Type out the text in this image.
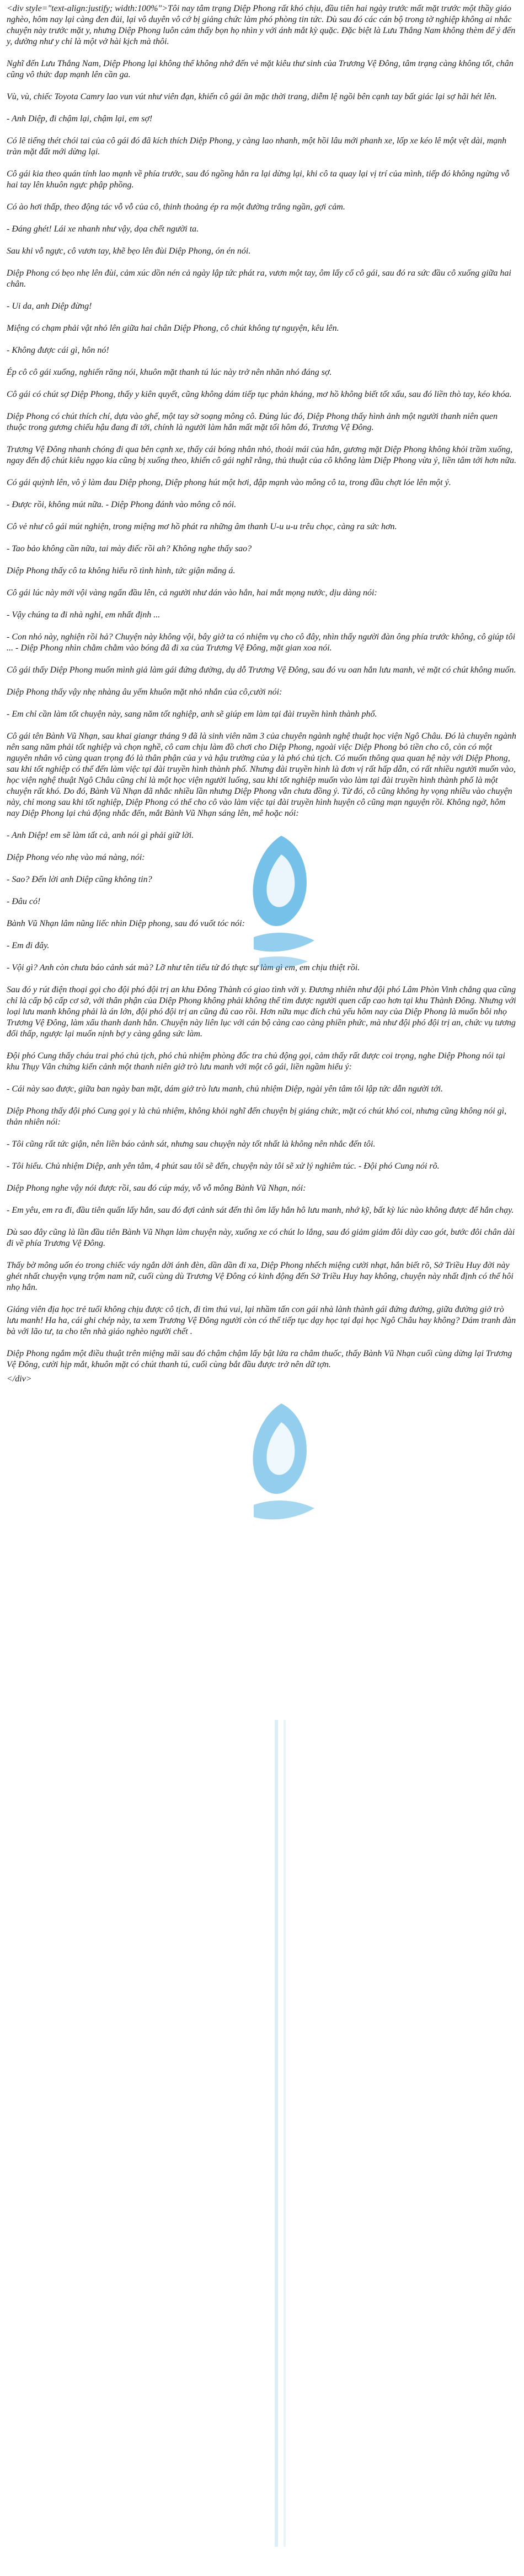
<div style="text-align:justify; width:100%">Tôi nay tâm trạng Diệp Phong rất khó chịu, đầu tiên hai ngày trước mất mặt trước một thầy giáo nghèo, hôm nay lại càng đen đủi, lại vô duyên vô cớ bị giảng chức làm phó phòng tin tức. Dù sau đó các cán bộ trong tờ nghiệp không ai nhắc chuyện này trước mặt y, nhưng Diệp Phong luôn cảm thấy bọn họ nhìn y với ánh mắt kỳ quặc. Đặc biệt là Lưu Thắng Nam không thèm để ý đến y, dường như y chỉ là một vở hài kịch mà thôi.

Nghĩ đến Lưu Thắng Nam, Diệp Phong lại không thể không nhớ đến vẻ mặt kiêu thư sinh của Trương Vệ Đông, tâm trạng càng không tốt, chân cũng vô thức đạp mạnh lên cần ga.

Vù, vù, chiếc Toyota Camry lao vun vút như viên đạn, khiến cô gái ăn mặc thời trang, diễm lệ ngồi bên cạnh tay bất giác lại sợ hãi hét lên.

- Anh Diệp, đi chậm lại, chậm lại, em sợ!

Có lẽ tiếng thét chói tai của cô gái đó đã kích thích Diệp Phong, y càng lao nhanh, một hồi lâu mới phanh xe, lốp xe kéo lê một vệt dài, mạnh tràn mặt đất mới dừng lại.

Cô gái kia theo quán tính lao mạnh về phía trước, sau đó ngồng hẳn ra lại dừng lại, khi cô ta quay lại vị trí của mình, tiếp đó không ngừng vỗ hai tay lên khuôn ngực phập phồng.

Có ào hơi thấp, theo động tác vỗ vỗ của cô, thinh thoảng ép ra một đường trắng ngần, gợi cảm.

- Đáng ghét! Lái xe nhanh như vậy, dọa chết người ta.

Sau khi vỗ ngực, cô vươn tay, khẽ bẹo lên đùi Diệp Phong, ón én nói.

Diệp Phong có bẹo nhẹ lên đùi, cảm xúc dồn nén cả ngày lập tức phát ra, vươn một tay, ôm lấy cổ cô gái, sau đó ra sức đầu cô xuống giữa hai chân.

- Ui da, anh Diệp đừng!

Miệng có chạm phải vật nhỏ lên giữa hai chân Diệp Phong, cô chút không tự nguyện, kêu lên.

- Không được cái gì, hôn nó!

Ép cô cô gái xuống, nghiến răng nói, khuôn mặt thanh tú lúc này trở nên nhăn nhó đáng sợ.

Cô gái có chút sợ Diệp Phong, thấy y kiên quyết, cũng không dám tiếp tục phản kháng, mơ hồ không biết tốt xấu, sau đó liền thò tay, kéo khóa.

Diệp Phong có chút thích chí, dựa vào ghế, một tay sờ soạng mông cô. Đúng lúc đó, Diệp Phong thấy hình ảnh một người thanh niên quen thuộc trong gương chiếu hậu đang đi tới, chính là người làm hắn mất mặt tối hôm đó, Trương Vệ Đông.

Trương Vệ Đông nhanh chóng đi qua bên cạnh xe, thấy cái bóng nhân nhỏ, thoải mái của hắn, gương mặt Diệp Phong không khỏi trầm xuống, ngay đến độ chút kiêu ngạo kia cũng bị xuống theo, khiến cô gái nghĩ rằng, thủ thuật của cô không làm Diệp Phong vừa ý, liền tâm tới hơn nữa.

Có gái quỳnh lên, vô ý làm đau Diệp phong, Diệp phong hút một hơi, đập mạnh vào mông cô ta, trong đầu chợt lóe lên một ý.

- Được rồi, không mút nữa. - Diệp Phong đánh vào mông cô nói.

Cô vẻ như cô gái mút nghiện, trong miệng mơ hồ phát ra những âm thanh U-u u-u trêu chọc, càng ra sức hơn.

- Tao bảo không cần nữa, tai mày điếc rồi ah? Không nghe thấy sao?

Diệp Phong thấy cô ta không hiểu rõ tình hình, tức giận mắng á.

Cô gái lúc này mới vội vàng ngẩn đầu lên, cả người như dán vào hắn, hai mắt mọng nước, dịu dàng nói:

- Vậy chúng ta đi nhà nghỉ, em nhất định ...

- Con nhỏ này, nghiện rồi hả? Chuyện này không vội, bây giờ ta có nhiệm vụ cho cô đây, nhìn thấy người đàn ông phía trước không, cô giúp tôi ... - Diệp Phong nhìn chằm chằm vào bóng đã đi xa của Trương Vệ Đông, mặt gian xoa nói.

Cô gái thấy Diệp Phong muốn mình giả làm gái đứng đường, dụ dỗ Trương Vệ Đông, sau đó vu oan hắn lưu manh, vẻ mặt có chút không muốn.

Diệp Phong thấy vậy nhẹ nhàng âu yếm khuôn mặt nhỏ nhắn của cô,cười nói:

- Em chỉ cần làm tốt chuyện này, sang năm tốt nghiệp, anh sẽ giúp em làm tại đài truyền hình thành phố.

Cô gái tên Bành Vũ Nhạn, sau khai giangr tháng 9 đã là sinh viên năm 3 của chuyên ngành nghệ thuật học viện Ngô Châu. Đó là chuyên ngành nên sang năm phải tốt nghiệp và chọn nghề, cô cam chịu làm đồ chơi cho Diệp Phong, ngoài việc Diệp Phong bỏ tiền cho cô, còn có một nguyên nhân vô cùng quan trọng đó là thân phận của y và hậu trường của y là phó chủ tịch. Có muốn thông qua quan hệ này với Diệp Phong, sau khi tốt nghiệp có thể đến làm việc tại đài truyền hình thành phố. Nhưng đài truyền hình là đơn vị rất hấp dẫn, có rất nhiều người muốn vào, học viện nghệ thuật Ngô Châu cũng chỉ là một học viện người luống, sau khi tốt nghiệp muốn vào làm tại đài truyền hình thành phố là một chuyện rất khó. Do đó, Bành Vũ Nhạn đã nhắc nhiều lần nhưng Diệp Phong vẫn chưa đồng ý. Từ đó, cô cũng không hy vọng nhiều vào chuyện này, chỉ mong sau khi tốt nghiệp, Diệp Phong có thể cho cô vào làm việc tại đài truyền hình huyện cô cũng mạn nguyện rồi. Không ngờ, hôm nay Diệp Phong lại chủ động nhắc đến, mắt Bành Vũ Nhạn sáng lên, mê hoặc nói:

- Anh Diệp! em sẽ làm tất cả, anh nói gì phải giữ lời.

Diệp Phong véo nhẹ vào má nàng, nói:

- Sao? Đến lời anh Diệp cũng không tin?

- Đâu có!

Bành Vũ Nhạn lâm nũng liếc nhìn Diệp phong, sau đó vuốt tóc nói:

- Em đi đây.

- Vội gì? Anh còn chưa báo cảnh sát mà? Lỡ như tên tiểu tử đó thực sự làm gì em, em chịu thiệt rồi.

Sau đó y rút điện thoại gọi cho đội phó đội trị an khu Đông Thành có giao tình với y. Đương nhiên như đội phó Lâm Phòn Vinh chẳng qua cũng chỉ là cấp bộ cấp cơ sở, với thân phận của Diệp Phong không phải không thể tìm được người quen cấp cao hơn tại khu Thành Đông. Nhưng với loại lưu manh không phải là án lớn, đội phó đội trị an cũng đủ cao rồi. Hơn nữa mục đích chủ yếu hôm nay của Diệp Phong là muốn bôi nhọ Trương Vệ Đông, làm xấu thanh danh hắn. Chuyện này liên lục với cán bộ càng cao càng phiền phức, mà như đội phó đội trị an, chức vụ tương đối thấp, ngược lại muốn nịnh bợ y càng gắng sức làm.

Đội phó Cung thấy cháu trai phó chủ tịch, phó chủ nhiệm phòng đốc tra chủ động gọi, cảm thấy rất được coi trọng, nghe Diệp Phong nói tại khu Thụy Vân chứng kiến cảnh một thanh niên giở trò lưu manh với một cô gái, liền ngầm hiểu ý:

- Cái này sao được, giữa ban ngày ban mặt, dám giở trò lưu manh, chủ nhiệm Diệp, ngài yên tâm tôi lập tức dẫn người tới.

Diệp Phong thấy đội phó Cung gọi y là chủ nhiệm, không khỏi nghĩ đến chuyện bị giáng chức, mặt có chút khó coi, nhưng cũng không nói gì, thản nhiên nói:

- Tôi cũng rất tức giận, nên liền báo cảnh sát, nhưng sau chuyện này tốt nhất là không nên nhắc đến tôi.

- Tôi hiểu. Chủ nhiệm Diệp, anh yên tâm, 4 phút sau tôi sẽ đến, chuyện này tôi sẽ xử lý nghiêm túc. - Đội phó Cung nói rõ.

Diệp Phong nghe vậy nói được rồi, sau đó cúp máy, vỗ vỗ mông Bành Vũ Nhạn, nói:

- Em yêu, em ra đi, đầu tiên quấn lấy hắn, sau đó đợi cảnh sát đến thì ôm lấy hắn hô lưu manh, nhớ kỹ, bất kỳ lúc nào không được để hắn chạy.

Dù sao đây cũng là lần đầu tiên Bành Vũ Nhạn làm chuyện này, xuống xe có chút lo lắng, sau đó giảm giảm đôi dày cao gót, bước đôi chân dài đi về phía Trương Vệ Đông.

Thấy bờ mông uốn éo trong chiếc váy ngắn dời ánh đèn, dần dần đi xa, Diệp Phong nhếch miệng cười nhạt, hắn biết rõ, Sở Triều Huy đời này ghét nhất chuyện vụng trộm nam nữ, cuối cùng dù Trương Vệ Đông có kinh động đến Sở Triều Huy hay không, chuyện này nhất định có thể hôi nhọ hắn.

Giáng viên địa học trẻ tuổi không chịu được cô tịch, đi tìm thú vui, lại nhầm tấn con gái nhà lành thành gái đứng đường, giữa đường giở trò lưu manh! Ha ha, cái ghi chép này, ta xem Trương Vệ Đông người còn có thể tiếp tục dạy học tại đại học Ngô Châu hay không? Dám tranh đàn bà với lão tư, ta cho tên nhà giáo nghèo người chết .

Diệp Phong ngắm một điều thuật trên miệng mãi sau đó chậm chậm lấy bật lửa ra châm thuốc, thấy Bành Vũ Nhạn cuối cùng dừng lại Trương Vệ Đông, cười hịp mắt, khuôn mặt có chút thanh tú, cuối cùng bắt đầu được trở nên dữ tợn.

</div>
